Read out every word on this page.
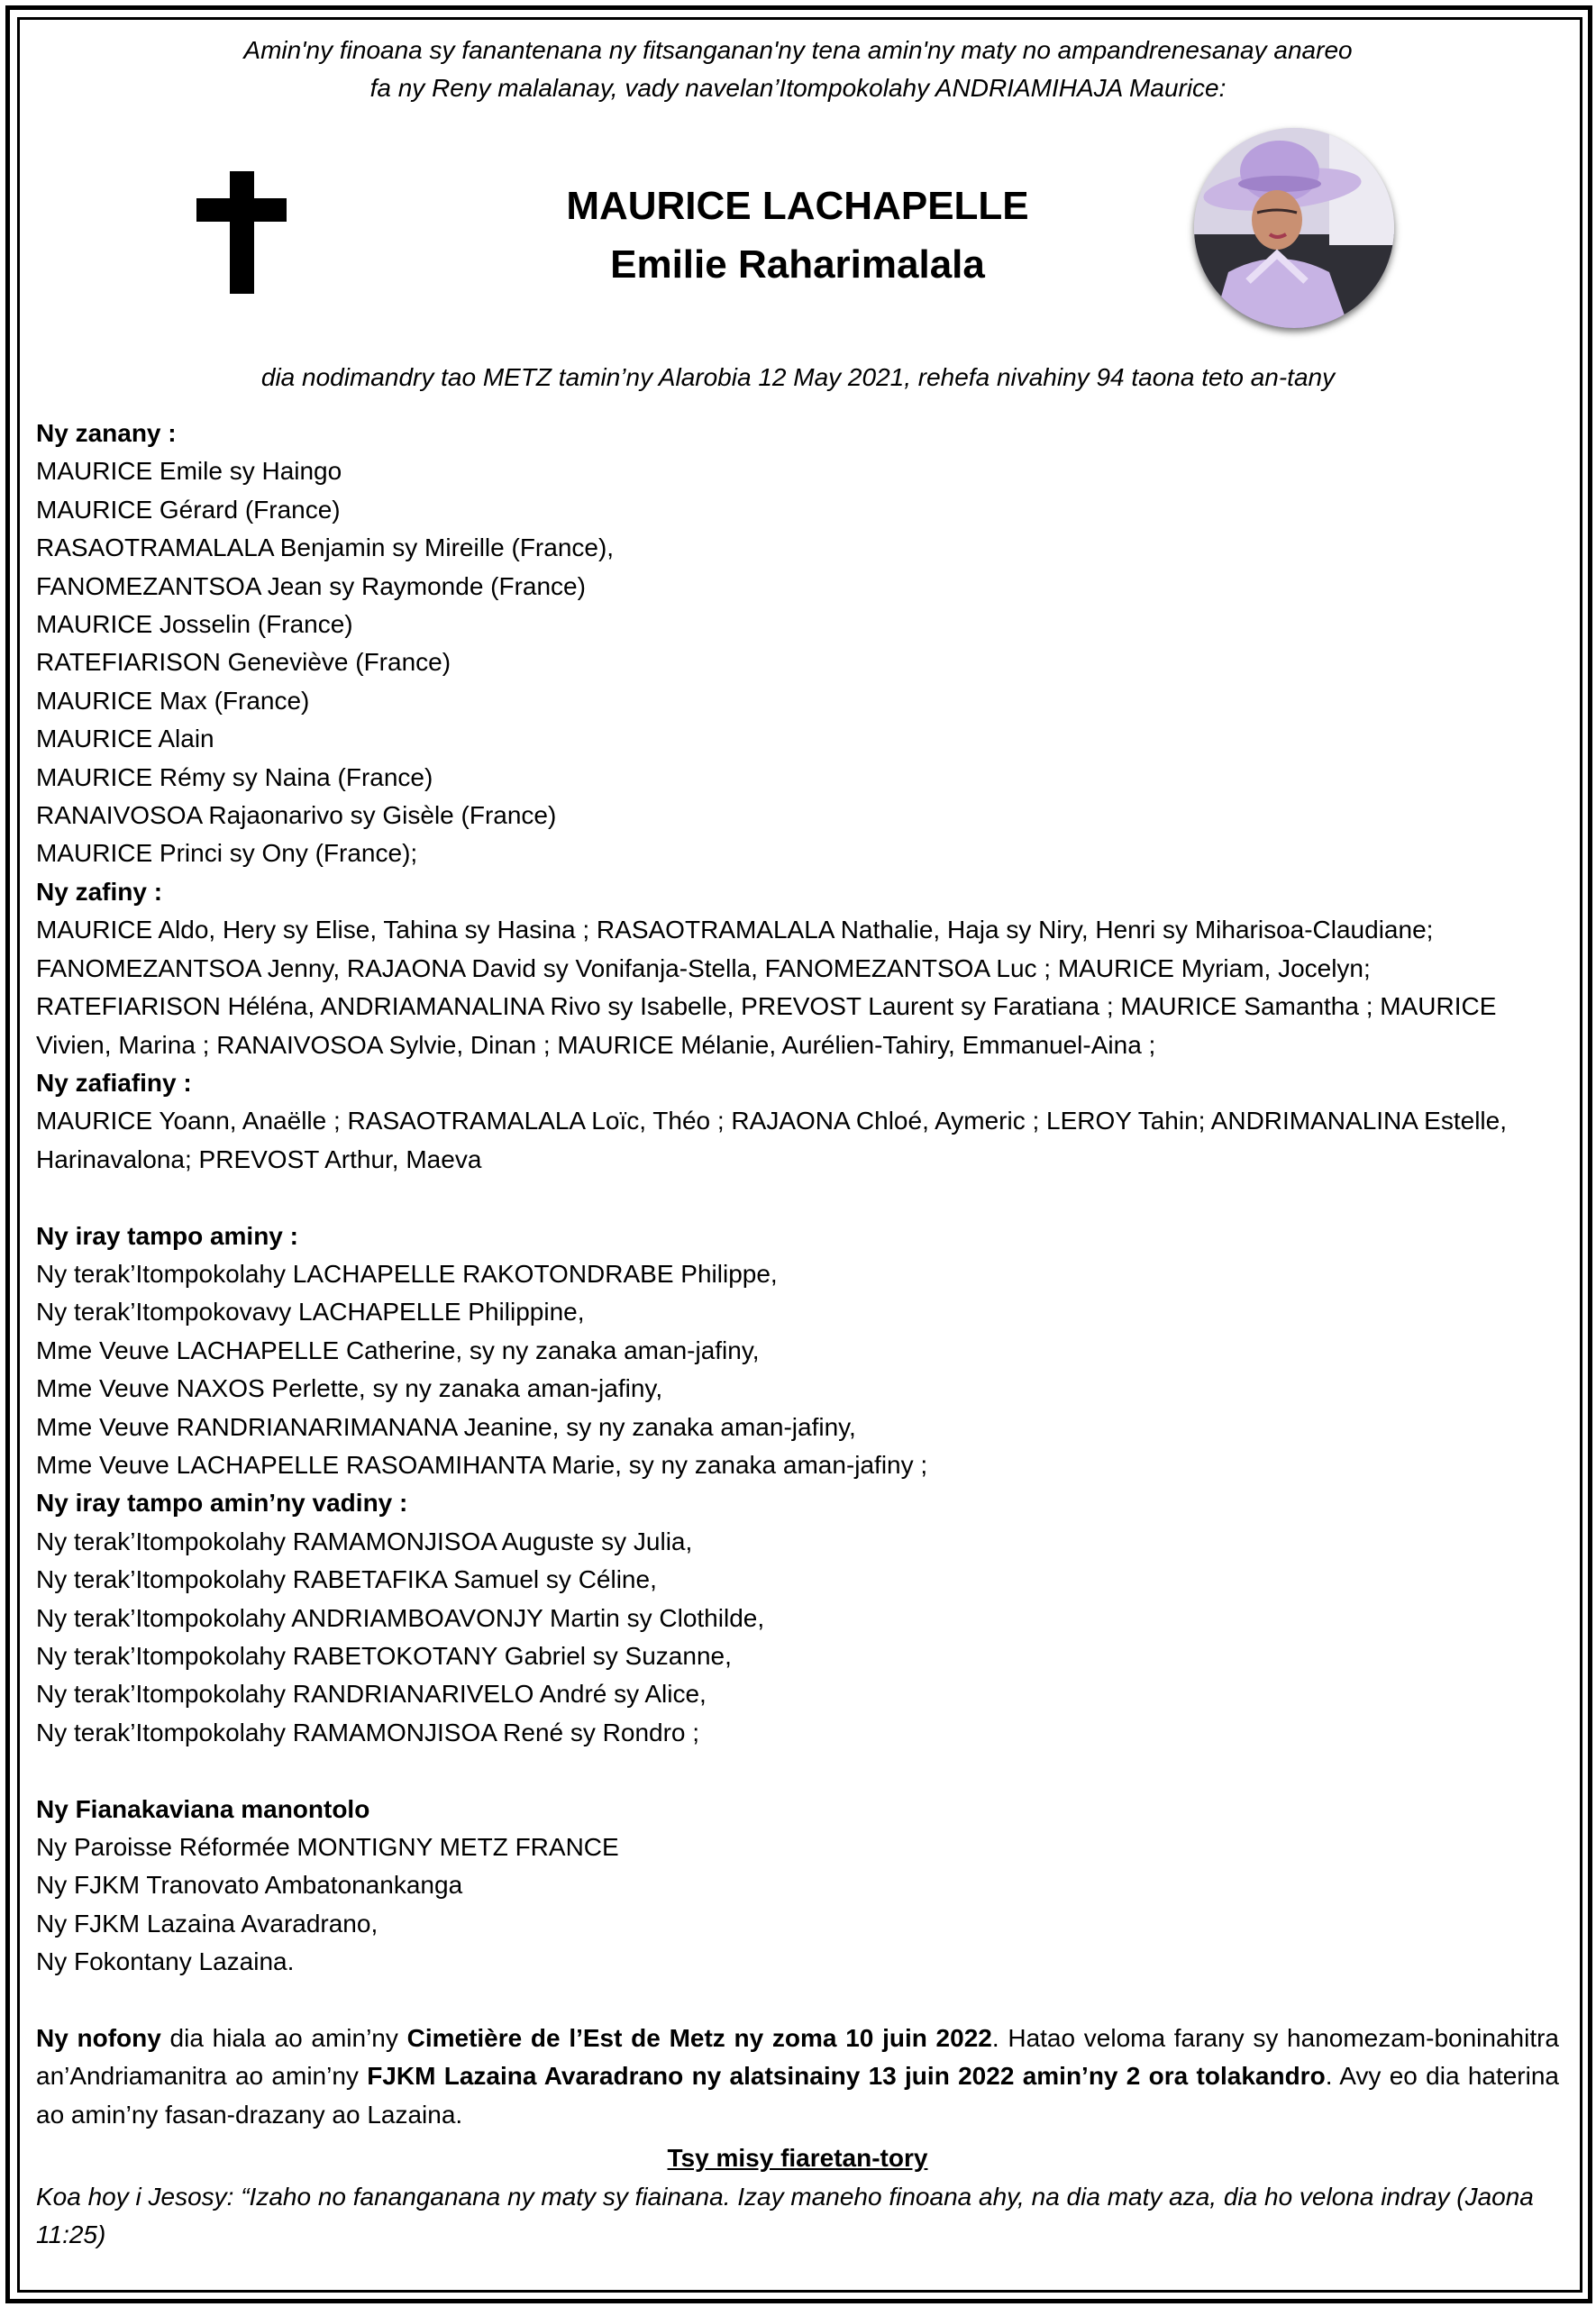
Amin'ny finoana sy fanantenana ny fitsanganan'ny tena amin'ny maty no ampandrenesanay anareo
fa ny Reny malalanay, vady navelan’Itompokolahy ANDRIAMIHAJA Maurice:
MAURICE LACHAPELLE
Emilie Raharimalala
dia nodimandry tao METZ tamin’ny Alarobia 12 May 2021, rehefa nivahiny 94 taona teto an-tany

Ny zanany :

MAURICE Emile sy Haingo

MAURICE Gérard (France)

RASAOTRAMALALA Benjamin sy Mireille (France),

FANOMEZANTSOA Jean sy Raymonde (France)

MAURICE Josselin (France)

RATEFIARISON Geneviève (France)

MAURICE Max (France)

MAURICE Alain

MAURICE Rémy sy Naina (France)

RANAIVOSOA Rajaonarivo sy Gisèle (France)

MAURICE Princi sy Ony (France);

Ny zafiny :

MAURICE Aldo, Hery sy Elise, Tahina sy Hasina ; RASAOTRAMALALA Nathalie, Haja sy Niry, Henri sy Miharisoa-Claudiane;

FANOMEZANTSOA Jenny, RAJAONA David sy Vonifanja-Stella, FANOMEZANTSOA Luc ; MAURICE Myriam, Jocelyn;

RATEFIARISON Héléna, ANDRIAMANALINA Rivo sy Isabelle, PREVOST Laurent sy Faratiana ; MAURICE Samantha ; MAURICE

Vivien, Marina ; RANAIVOSOA Sylvie, Dinan ; MAURICE Mélanie, Aurélien-Tahiry, Emmanuel-Aina ;

Ny zafiafiny :

MAURICE Yoann, Anaëlle ; RASAOTRAMALALA Loïc, Théo ; RAJAONA Chloé, Aymeric ; LEROY Tahin; ANDRIMANALINA Estelle,

Harinavalona; PREVOST Arthur, Maeva

Ny iray tampo aminy :

Ny terak’Itompokolahy LACHAPELLE RAKOTONDRABE Philippe,

Ny terak’Itompokovavy LACHAPELLE Philippine,

Mme Veuve LACHAPELLE Catherine, sy ny zanaka aman-jafiny,

Mme Veuve NAXOS Perlette, sy ny zanaka aman-jafiny,

Mme Veuve RANDRIANARIMANANA Jeanine, sy ny zanaka aman-jafiny,

Mme Veuve LACHAPELLE RASOAMIHANTA Marie, sy ny zanaka aman-jafiny ;

Ny iray tampo amin’ny vadiny :

Ny terak’Itompokolahy RAMAMONJISOA Auguste sy Julia,

Ny terak’Itompokolahy RABETAFIKA Samuel sy Céline,

Ny terak’Itompokolahy ANDRIAMBOAVONJY Martin sy Clothilde,

Ny terak’Itompokolahy RABETOKOTANY Gabriel sy Suzanne,

Ny terak’Itompokolahy RANDRIANARIVELO André sy Alice,

Ny terak’Itompokolahy RAMAMONJISOA René sy Rondro ;

Ny Fianakaviana manontolo

Ny Paroisse Réformée MONTIGNY METZ FRANCE

Ny FJKM Tranovato Ambatonankanga

Ny FJKM Lazaina Avaradrano,

Ny Fokontany Lazaina.

Ny nofony dia hiala ao amin’ny Cimetière de l’Est de Metz ny zoma 10 juin 2022. Hatao veloma farany sy hanomezam-boninahitra an’Andriamanitra ao amin’ny FJKM Lazaina Avaradrano ny alatsinainy 13 juin 2022 amin’ny 2 ora tolakandro. Avy eo dia haterina ao amin’ny fasan-drazany ao Lazaina.

Tsy misy fiaretan-tory

Koa hoy i Jesosy: “Izaho no fananganana ny maty sy fiainana. Izay maneho finoana ahy, na dia maty aza, dia ho velona indray (Jaona 11:25)
